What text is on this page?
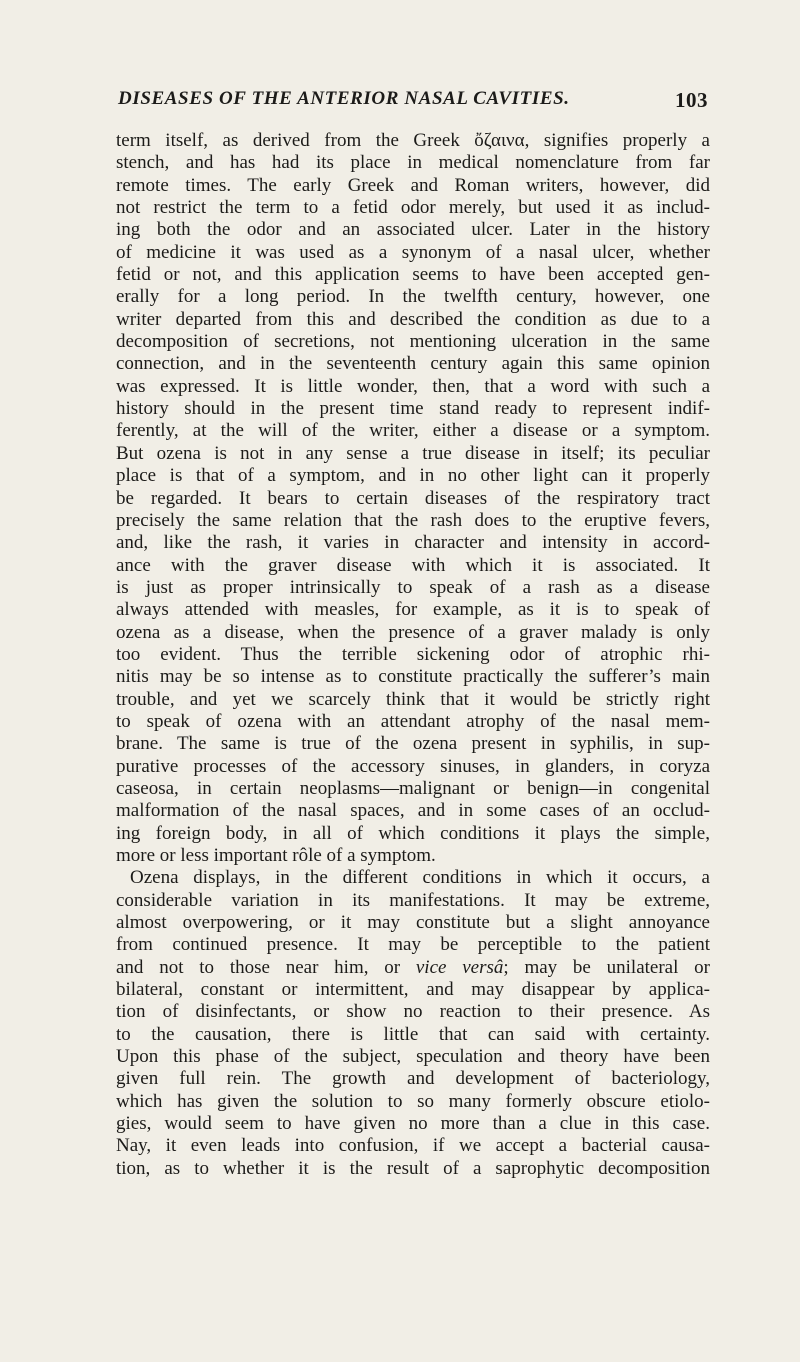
DISEASES OF THE ANTERIOR NASAL CAVITIES.	103
term itself, as derived from the Greek ὄζαινα, signifies properly a
stench, and has had its place in medical nomenclature from far
remote times. The early Greek and Roman writers, however, did
not restrict the term to a fetid odor merely, but used it as includ-
ing both the odor and an associated ulcer. Later in the history
of medicine it was used as a synonym of a nasal ulcer, whether
fetid or not, and this application seems to have been accepted gen-
erally for a long period. In the twelfth century, however, one
writer departed from this and described the condition as due to a
decomposition of secretions, not mentioning ulceration in the same
connection, and in the seventeenth century again this same opinion
was expressed. It is little wonder, then, that a word with such a
history should in the present time stand ready to represent indif-
ferently, at the will of the writer, either a disease or a symptom.
But ozena is not in any sense a true disease in itself; its peculiar
place is that of a symptom, and in no other light can it properly
be regarded. It bears to certain diseases of the respiratory tract
precisely the same relation that the rash does to the eruptive fevers,
and, like the rash, it varies in character and intensity in accord-
ance with the graver disease with which it is associated. It
is just as proper intrinsically to speak of a rash as a disease
always attended with measles, for example, as it is to speak of
ozena as a disease, when the presence of a graver malady is only
too evident. Thus the terrible sickening odor of atrophic rhi-
nitis may be so intense as to constitute practically the sufferer’s main
trouble, and yet we scarcely think that it would be strictly right
to speak of ozena with an attendant atrophy of the nasal mem-
brane. The same is true of the ozena present in syphilis, in sup-
purative processes of the accessory sinuses, in glanders, in coryza
caseosa, in certain neoplasms—malignant or benign—in congenital
malformation of the nasal spaces, and in some cases of an occlud-
ing foreign body, in all of which conditions it plays the simple,
more or less important rôle of a symptom.
Ozena displays, in the different conditions in which it occurs, a
considerable variation in its manifestations. It may be extreme,
almost overpowering, or it may constitute but a slight annoyance
from continued presence. It may be perceptible to the patient
and not to those near him, or vice versâ; may be unilateral or
bilateral, constant or intermittent, and may disappear by applica-
tion of disinfectants, or show no reaction to their presence. As
to the causation, there is little that can said with certainty.
Upon this phase of the subject, speculation and theory have been
given full rein. The growth and development of bacteriology,
which has given the solution to so many formerly obscure etiolo-
gies, would seem to have given no more than a clue in this case.
Nay, it even leads into confusion, if we accept a bacterial causa-
tion, as to whether it is the result of a saprophytic decomposition
